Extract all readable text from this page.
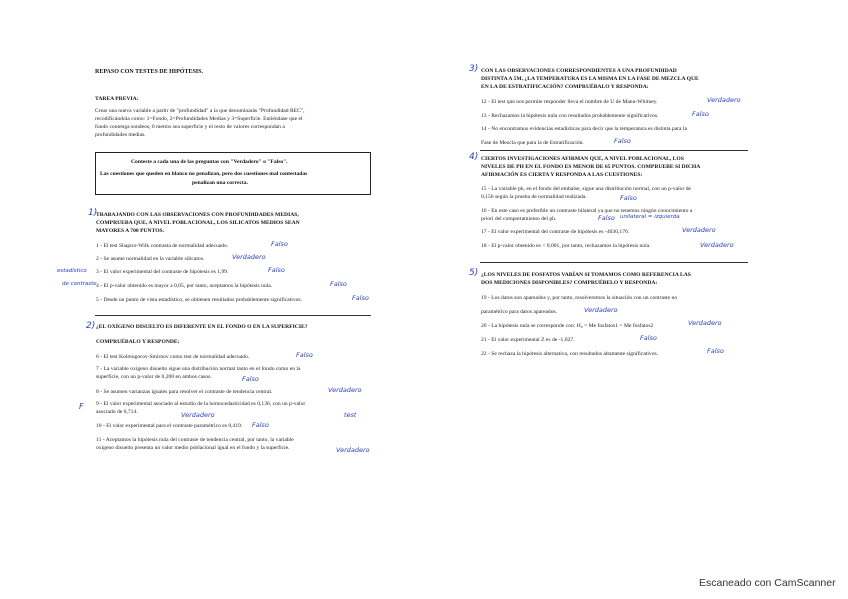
REPASO CON TESTES DE HIPÓTESIS.
TAREA PREVIA:
Crear una nueva variable a partir de "profundidad" a la que denominarás "Profundidad REC",
recodificándola como: 1=Fondo, 2=Profundidades Medias y 3=Superficie. Entiéndase que el
fondo contenga sondeos, 0 metros sea superficie y el resto de valores correspondan a
profundidades medias.
Conteste a cada una de las preguntas con "Verdadero" o "Falso".
Las cuestiones que queden en blanco no penalizan, pero dos cuestiones mal contestadas
penalizan una correcta.
1)
TRABAJANDO CON LAS OBSERVACIONES CON PROFUNDIDADES MEDIAS,
COMPRUEBA QUE, A NIVEL POBLACIONAL, LOS SILICATOS MEDIOS SEAN
MAYORES A 700 PUNTOS.
1 - El test Shapiro-Wilk contrasta de normalidad adecuado.	Falso
2 - Se asume normalidad en la variable silicatos.	Verdadero
estadístico 3 - El valor experimental del contraste de hipótesis es 1,99.	Falso
de contraste 4 - El p-valor obtenido es mayor a 0,05, por tanto, aceptamos la hipótesis nula.	Falso
5 - Desde un punto de vista estadístico, se obtienen resultados probablemente significativos.	Falso
2) ¿EL OXÍGENO DISUELTO ES DIFERENTE EN EL FONDO O EN LA SUPERFICIE?
COMPRUÉBALO Y RESPONDE:
6 - El test Kolmogorov-Smirnov como test de normalidad adecuado.	Falso
7 - La variable oxígeno disuelto sigue una distribución normal tanto en el fondo como en la
superficie, con un p-valor de 0,200 en ambos casos.	Falso
8 - Se asumen varianzas iguales para resolver el contraste de tendencia central.	Verdadero
F 9 - El valor experimental asociado al estudio de la homocedasticidad es 0,136, con un p-valor
asociado de 0,714.	Verdadero	test
10 - El valor experimental para el contraste paramétrico es 0,419. Falso
11 - Aceptamos la hipótesis nula del contraste de tendencia central, por tanto, la variable
oxígeno disuelto presenta un valor medio poblacional igual en el fondo y la superficie.	Verdadero
3) CON LAS OBSERVACIONES CORRESPONDIENTES A UNA PROFUNDIDAD
DISTINTA A 5M, ¿LA TEMPERATURA ES LA MISMA EN LA FASE DE MEZCLA QUE
EN LA DE ESTRATIFICACIÓN? COMPRUÉBALO Y RESPONDA:
12 - El test que nos permite responder lleva el nombre de U de Mann-Whitney.	Verdadero
13 - Rechazamos la hipótesis nula con resultados probablemente significativos.	Falso
14 - No encontramos evidencias estadísticas para decir que la temperatura es distinta para la
Fase de Mezcla que para la de Estratificación.	Falso
4) CIERTOS INVESTIGACIONES AFIRMAN QUE, A NIVEL POBLACIONAL, LOS
NIVELES DE PH EN EL FONDO ES MENOR DE 65 PUNTOS. COMPRUEBE SI DICHA
AFIRMACIÓN ES CIERTA Y RESPONDA A LAS CUESTIONES:
15 - La variable ph, en el fondo del embalse, sigue una distribución normal, con un p-valor de
0,156 según la prueba de normalidad realizada.	Falso
16 - En este caso es preferible un contraste bilateral ya que no tenemos ningún conocimiento a
priori del comportamiento del ph.	Falso unilateral = izquierda
17 - El valor experimental del contraste de hipótesis es -4030,176.	Verdadero
18 - El p-valor obtenido es < 0,001, por tanto, rechazamos la hipótesis nula.	Verdadero
5) ¿LOS NIVELES DE FOSFATOS VARÍAN SI TOMAMOS COMO REFERENCIA LAS
DOS MEDICIONES DISPONIBLES? COMPRUÉBELO Y RESPONDA:
19 - Los datos son apareados y, por tanto, resolveremos la situación con un contraste no
paramétrico para datos apareados.	Verdadero
20 - La hipótesis nula se corresponde con: H₀ = Me fosfatos1 = Me fosfatos2	Verdadero
21 - El valor experimental Z es de -1,627.	Falso
22 - Se rechaza la hipótesis alternativa, con resultados altamente significativos.	Falso
Escaneado con CamScanner
